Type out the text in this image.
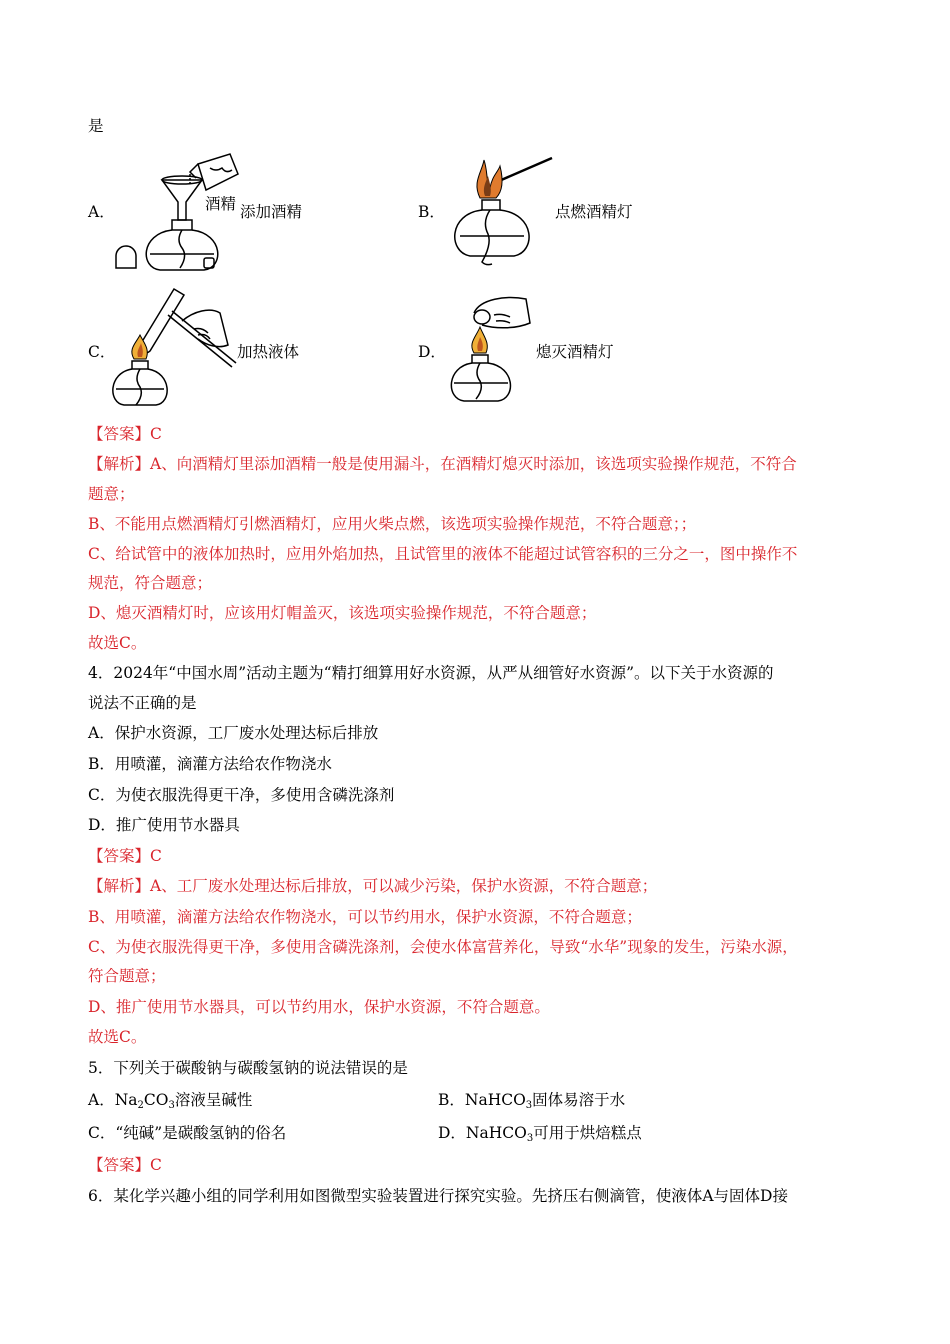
是
A．	酒精 添加酒精	B．	点燃酒精灯
C．	加热液体	D．	熄灭酒精灯
【答案】C
【解析】A、向酒精灯里添加酒精一般是使用漏斗，在酒精灯熄灭时添加，该选项实验操作规范，不符合
题意；
B、不能用点燃酒精灯引燃酒精灯，应用火柴点燃，该选项实验操作规范，不符合题意；；
C、给试管中的液体加热时，应用外焰加热，且试管里的液体不能超过试管容积的三分之一，图中操作不
规范，符合题意；
D、熄灭酒精灯时，应该用灯帽盖灭，该选项实验操作规范，不符合题意；
故选C。
4．2024年“中国水周”活动主题为“精打细算用好水资源，从严从细管好水资源”。以下关于水资源的
说法不正确的是
A．保护水资源，工厂废水处理达标后排放
B．用喷灌，滴灌方法给农作物浇水
C．为使衣服洗得更干净，多使用含磷洗涤剂
D．推广使用节水器具
【答案】C
【解析】A、工厂废水处理达标后排放，可以减少污染，保护水资源，不符合题意；
B、用喷灌，滴灌方法给农作物浇水，可以节约用水，保护水资源，不符合题意；
C、为使衣服洗得更干净，多使用含磷洗涤剂，会使水体富营养化，导致“水华”现象的发生，污染水源，
符合题意；
D、推广使用节水器具，可以节约用水，保护水资源，不符合题意。
故选C。
5．下列关于碳酸钠与碳酸氢钠的说法错误的是
A．$Na_2CO_3$溶液呈碱性	B．NaHCO$_3$固体易溶于水
C．“纯碱”是碳酸氢钠的俗名	D．NaHCO$_3$可用于烘焙糕点
【答案】C
6．某化学兴趣小组的同学利用如图微型实验装置进行探究实验。先挤压右侧滴管，使液体A与固体D接
